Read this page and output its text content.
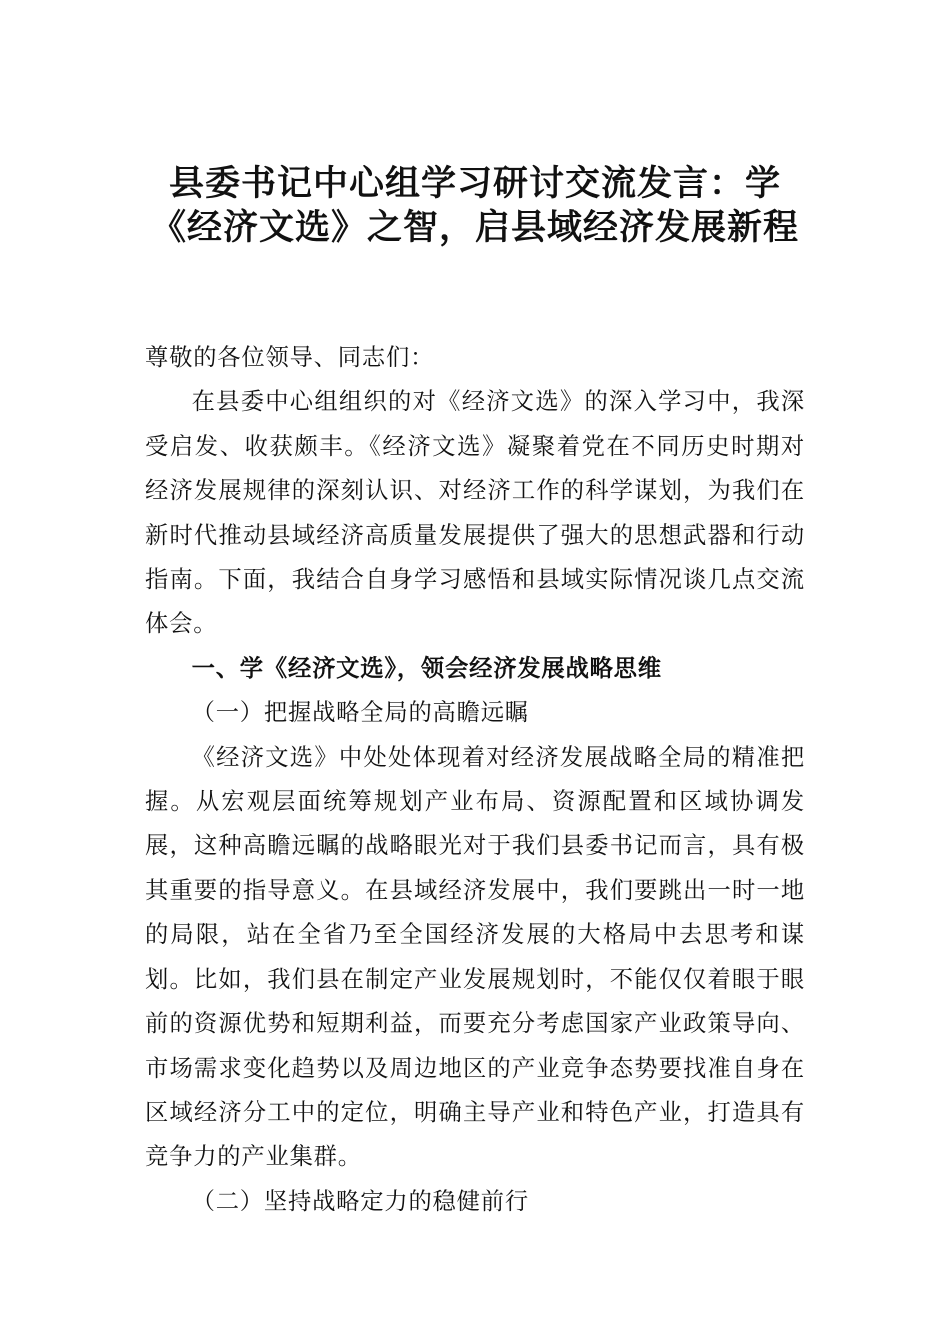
县委书记中心组学习研讨交流发言：学
《经济文选》之智，启县域经济发展新程

尊敬的各位领导、同志们：

在县委中心组组织的对《经济文选》的深入学习中，我深受启发、收获颇丰。《经济文选》凝聚着党在不同历史时期对经济发展规律的深刻认识、对经济工作的科学谋划，为我们在新时代推动县域经济高质量发展提供了强大的思想武器和行动指南。下面，我结合自身学习感悟和县域实际情况谈几点交流体会。

一、学《经济文选》，领会经济发展战略思维

（一）把握战略全局的高瞻远瞩

《经济文选》中处处体现着对经济发展战略全局的精准把握。从宏观层面统筹规划产业布局、资源配置和区域协调发展，这种高瞻远瞩的战略眼光对于我们县委书记而言，具有极其重要的指导意义。在县域经济发展中，我们要跳出一时一地的局限，站在全省乃至全国经济发展的大格局中去思考和谋划。比如，我们县在制定产业发展规划时，不能仅仅着眼于眼前的资源优势和短期利益，而要充分考虑国家产业政策导向、市场需求变化趋势以及周边地区的产业竞争态势要找准自身在区域经济分工中的定位，明确主导产业和特色产业，打造具有竞争力的产业集群。

（二）坚持战略定力的稳健前行
